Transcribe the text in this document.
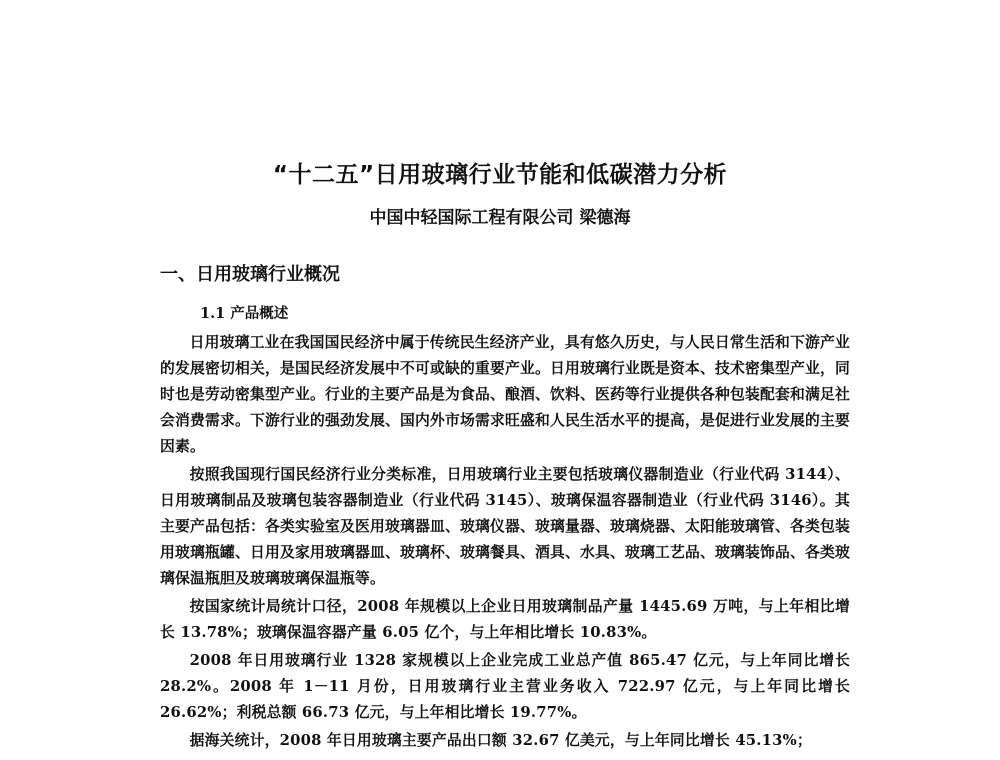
“十二五”日用玻璃行业节能和低碳潜力分析
中国中轻国际工程有限公司 梁德海
一、日用玻璃行业概况
1.1 产品概述

日用玻璃工业在我国国民经济中属于传统民生经济产业，具有悠久历史，与人民日常生活和下游产业的发展密切相关，是国民经济发展中不可或缺的重要产业。日用玻璃行业既是资本、技术密集型产业，同时也是劳动密集型产业。行业的主要产品是为食品、酿酒、饮料、医药等行业提供各种包装配套和满足社会消费需求。下游行业的强劲发展、国内外市场需求旺盛和人民生活水平的提高，是促进行业发展的主要因素。

按照我国现行国民经济行业分类标准，日用玻璃行业主要包括玻璃仪器制造业（行业代码 3144）、日用玻璃制品及玻璃包装容器制造业（行业代码 3145）、玻璃保温容器制造业（行业代码 3146）。其主要产品包括：各类实验室及医用玻璃器皿、玻璃仪器、玻璃量器、玻璃烧器、太阳能玻璃管、各类包装用玻璃瓶罐、日用及家用玻璃器皿、玻璃杯、玻璃餐具、酒具、水具、玻璃工艺品、玻璃装饰品、各类玻璃保温瓶胆及玻璃玻璃保温瓶等。

按国家统计局统计口径，2008 年规模以上企业日用玻璃制品产量 1445.69 万吨，与上年相比增长 13.78%；玻璃保温容器产量 6.05 亿个，与上年相比增长 10.83%。

2008 年日用玻璃行业 1328 家规模以上企业完成工业总产值 865.47 亿元，与上年同比增长 28.2%。2008 年 1－11 月份，日用玻璃行业主营业务收入 722.97 亿元，与上年同比增长 26.62%；利税总额 66.73 亿元，与上年相比增长 19.77%。

据海关统计，2008 年日用玻璃主要产品出口额 32.67 亿美元，与上年同比增长 45.13%；
